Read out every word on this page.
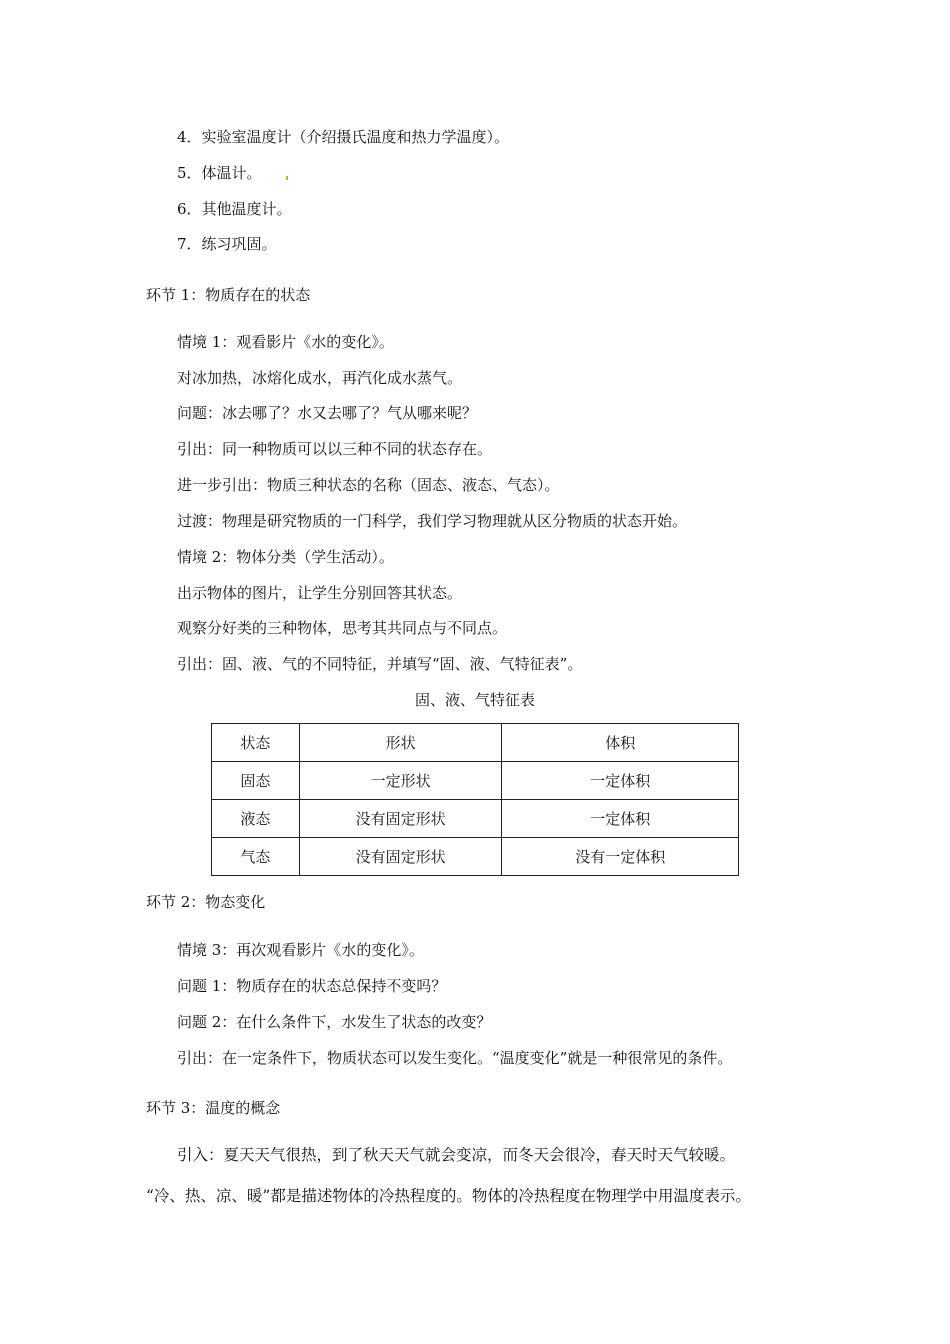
4．实验室温度计（介绍摄氏温度和热力学温度）。
5．体温计。
6．其他温度计。
7．练习巩固。
环节 1：物质存在的状态
情境 1：观看影片《水的变化》。
对冰加热，冰熔化成水，再汽化成水蒸气。
问题：冰去哪了？水又去哪了？气从哪来呢？
引出：同一种物质可以以三种不同的状态存在。
进一步引出：物质三种状态的名称（固态、液态、气态）。
过渡：物理是研究物质的一门科学，我们学习物理就从区分物质的状态开始。
情境 2：物体分类（学生活动）。
出示物体的图片，让学生分别回答其状态。
观察分好类的三种物体，思考其共同点与不同点。
引出：固、液、气的不同特征，并填写“固、液、气特征表”。
固、液、气特征表
状态	形状	体积
固态	一定形状	一定体积
液态	没有固定形状	一定体积
气态	没有固定形状	没有一定体积
环节 2：物态变化
情境 3：再次观看影片《水的变化》。
问题 1：物质存在的状态总保持不变吗？
问题 2：在什么条件下，水发生了状态的改变？
引出：在一定条件下，物质状态可以发生变化。“温度变化”就是一种很常见的条件。
环节 3：温度的概念
引入：夏天天气很热，到了秋天天气就会变凉，而冬天会很冷，春天时天气较暖。
“冷、热、凉、暖”都是描述物体的冷热程度的。物体的冷热程度在物理学中用温度表示。
